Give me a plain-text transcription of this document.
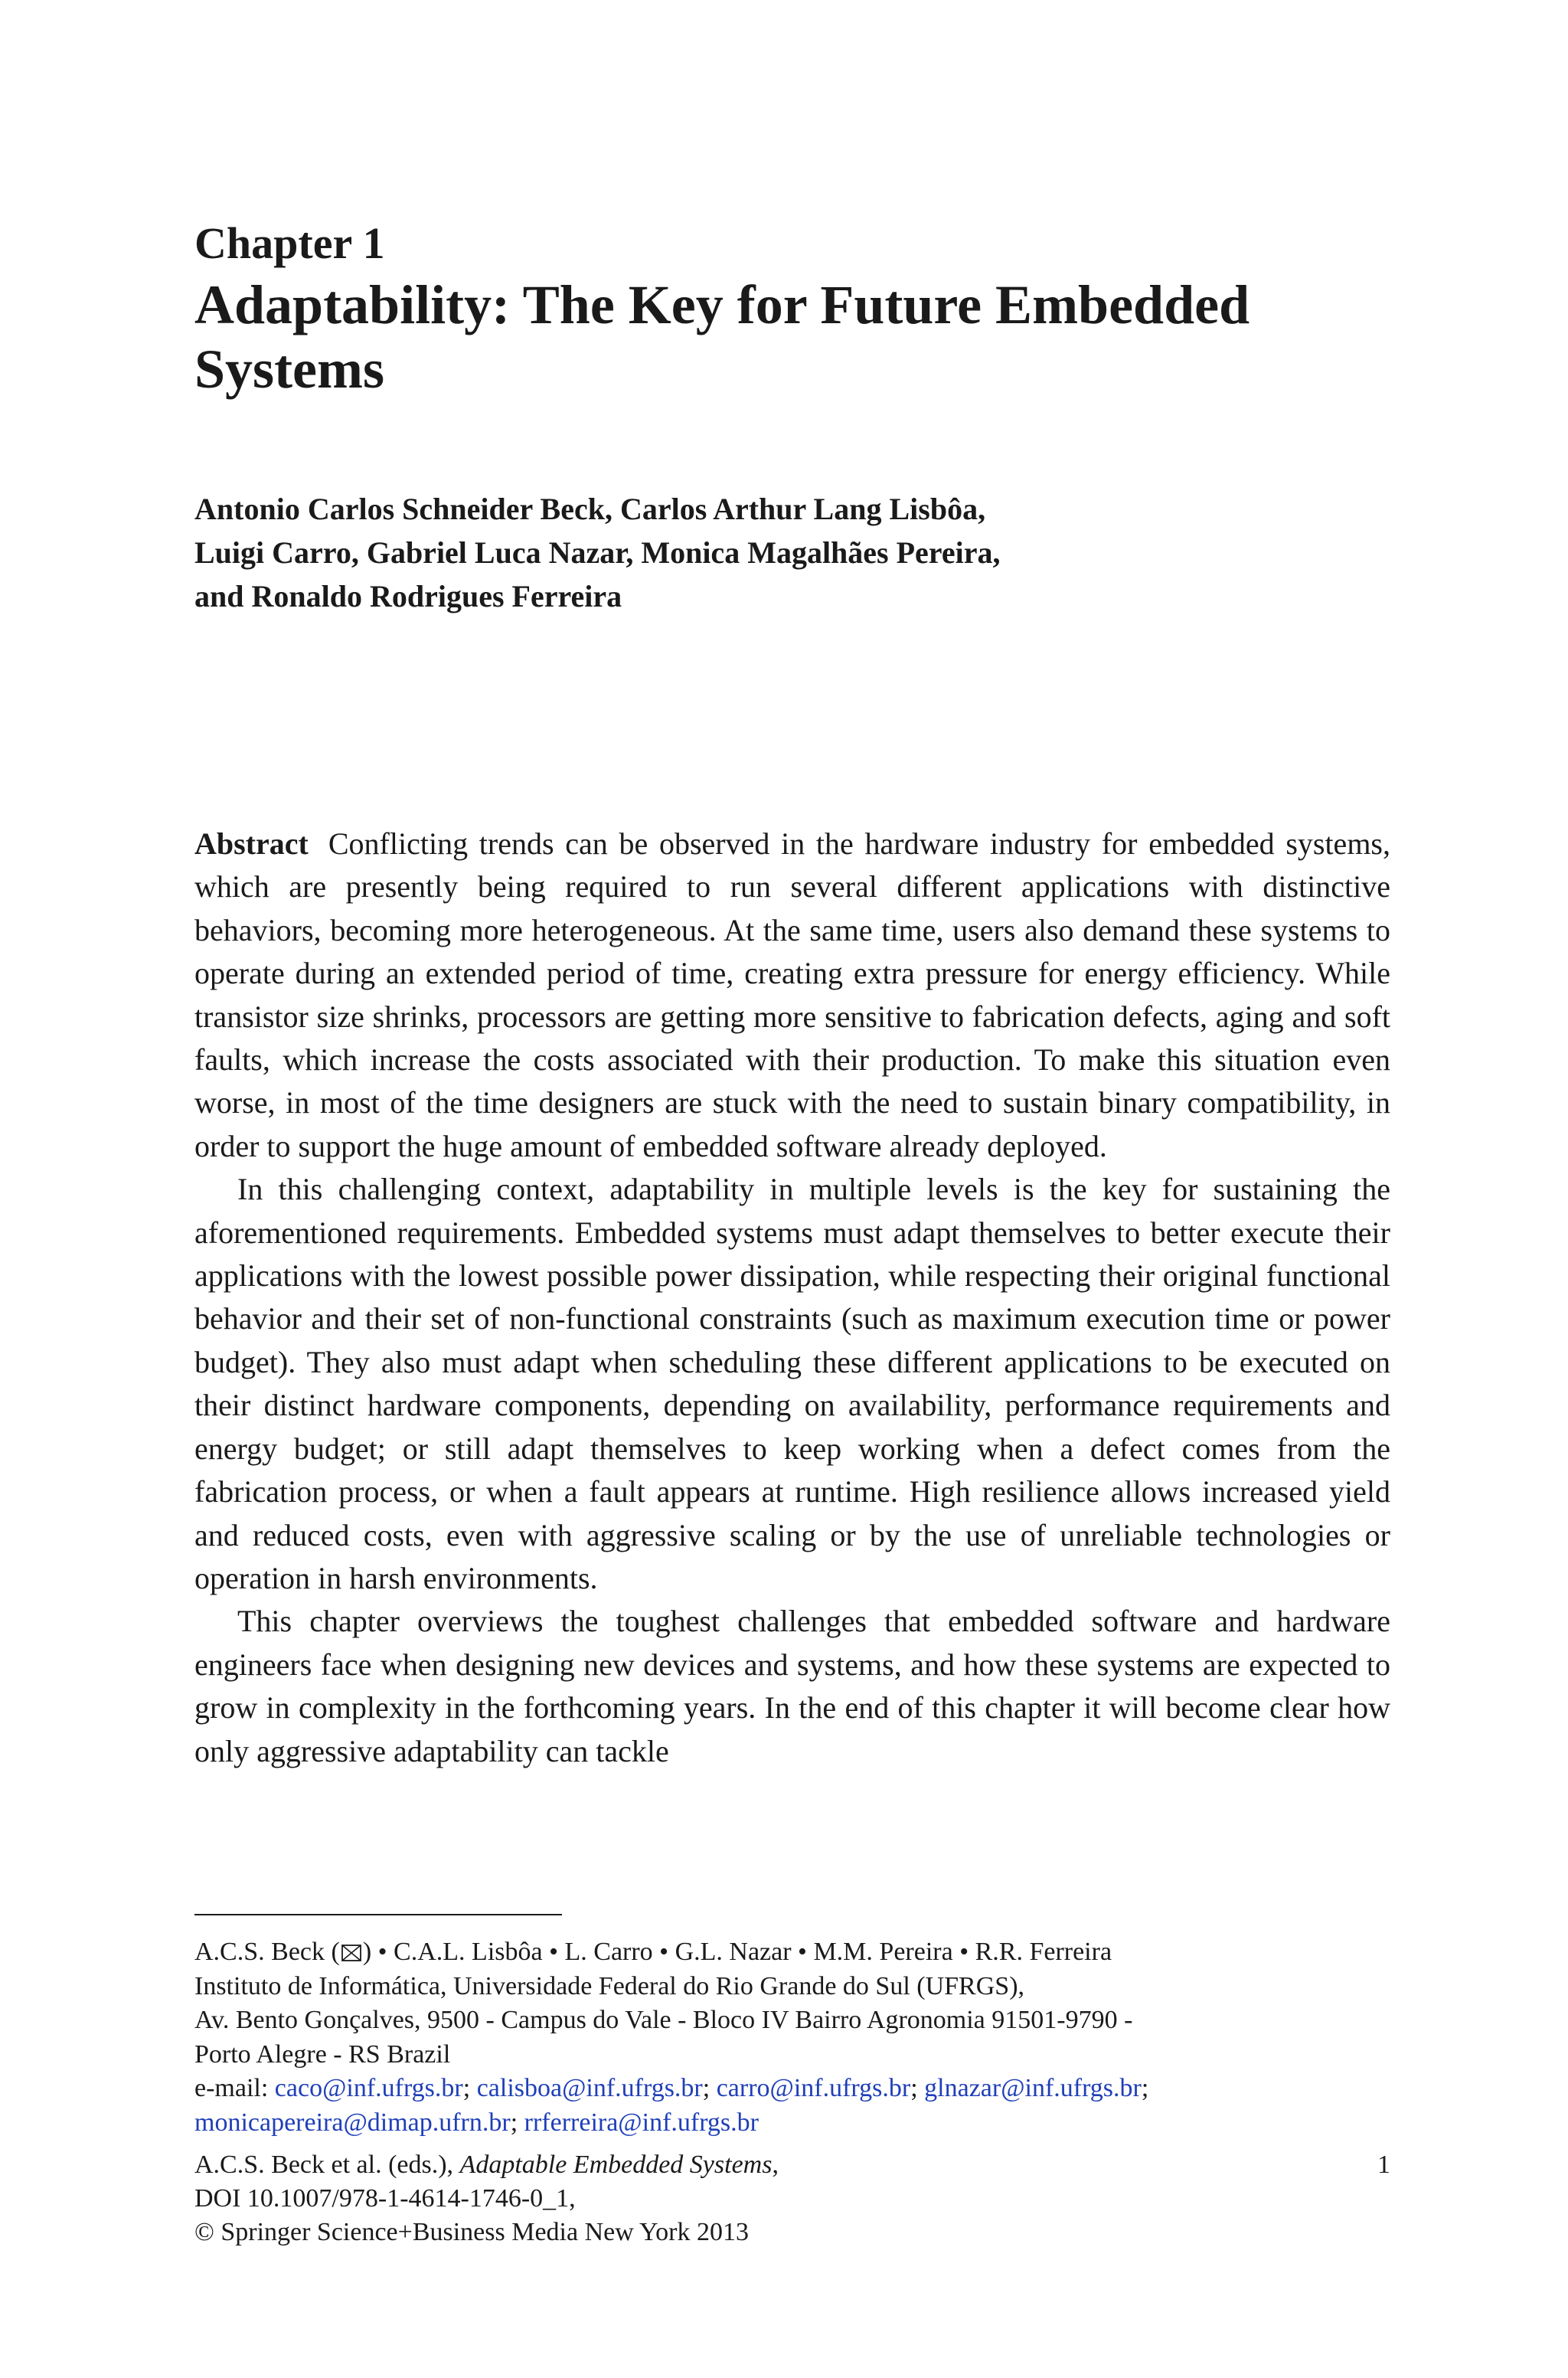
Chapter 1
Adaptability: The Key for Future Embedded Systems
Antonio Carlos Schneider Beck, Carlos Arthur Lang Lisbôa,
Luigi Carro, Gabriel Luca Nazar, Monica Magalhães Pereira,
and Ronaldo Rodrigues Ferreira

Abstract Conflicting trends can be observed in the hardware industry for embedded systems, which are presently being required to run several different applications with distinctive behaviors, becoming more heterogeneous. At the same time, users also demand these systems to operate during an extended period of time, creating extra pressure for energy efficiency. While transistor size shrinks, processors are getting more sensitive to fabrication defects, aging and soft faults, which increase the costs associated with their production. To make this situation even worse, in most of the time designers are stuck with the need to sustain binary compatibility, in order to support the huge amount of embedded software already deployed.

In this challenging context, adaptability in multiple levels is the key for sustaining the aforementioned requirements. Embedded systems must adapt themselves to better execute their applications with the lowest possible power dissipation, while respecting their original functional behavior and their set of non-functional constraints (such as maximum execution time or power budget). They also must adapt when scheduling these different applications to be executed on their distinct hardware components, depending on availability, performance requirements and energy budget; or still adapt themselves to keep working when a defect comes from the fabrication process, or when a fault appears at runtime. High resilience allows increased yield and reduced costs, even with aggressive scaling or by the use of unreliable technologies or operation in harsh environments.

This chapter overviews the toughest challenges that embedded software and hardware engineers face when designing new devices and systems, and how these systems are expected to grow in complexity in the forthcoming years. In the end of this chapter it will become clear how only aggressive adaptability can tackle

A.C.S. Beck ( ) • C.A.L. Lisbôa • L. Carro • G.L. Nazar • M.M. Pereira • R.R. Ferreira
Instituto de Informática, Universidade Federal do Rio Grande do Sul (UFRGS),
Av. Bento Gonçalves, 9500 - Campus do Vale - Bloco IV Bairro Agronomia 91501-9790 -
Porto Alegre - RS Brazil
e-mail: caco@inf.ufrgs.br; calisboa@inf.ufrgs.br; carro@inf.ufrgs.br; glnazar@inf.ufrgs.br;
monicapereira@dimap.ufrn.br; rrferreira@inf.ufrgs.br
A.C.S. Beck et al. (eds.), Adaptable Embedded Systems,
DOI 10.1007/978-1-4614-1746-0_1,
© Springer Science+Business Media New York 2013
1
